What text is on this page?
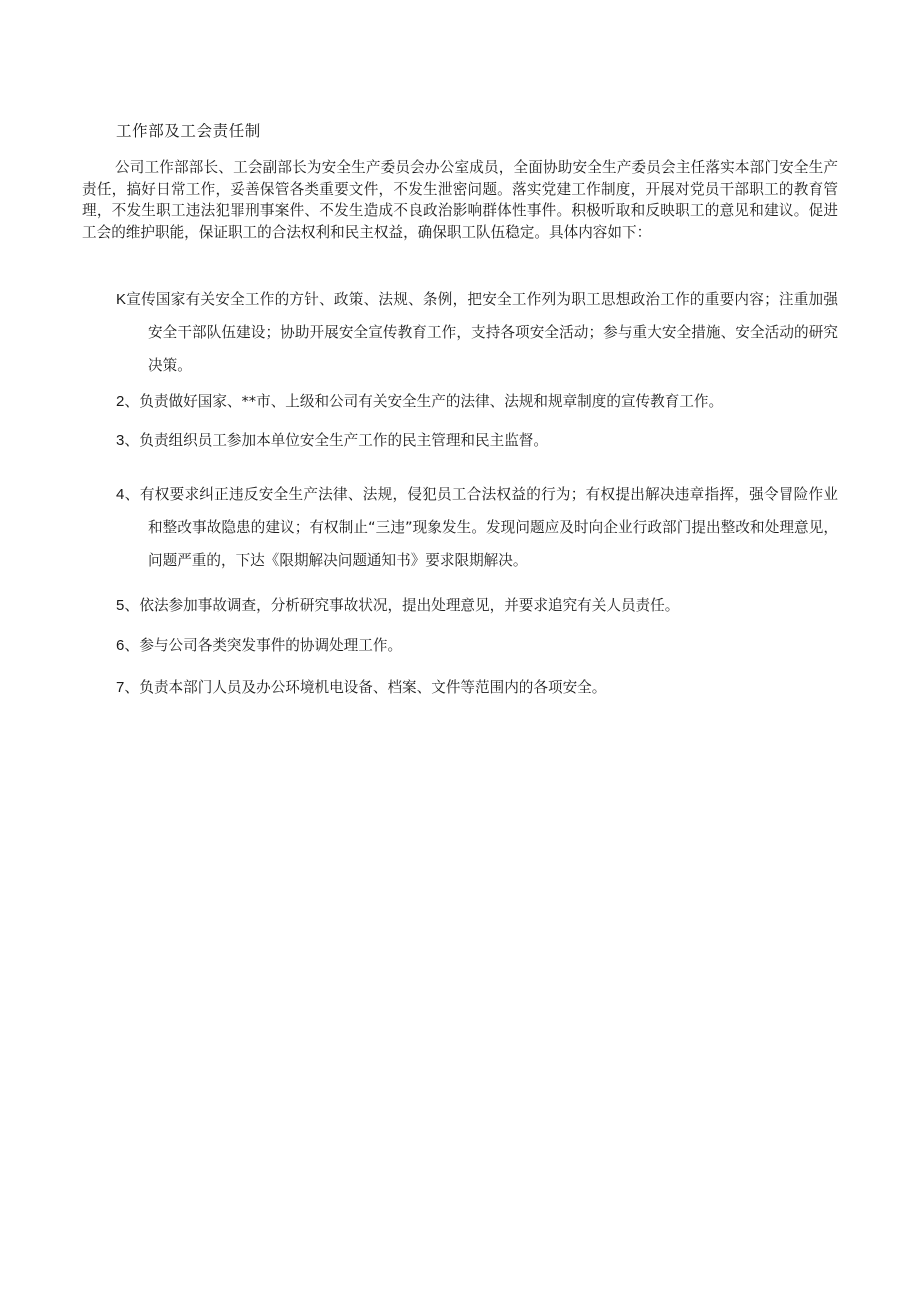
工作部及工会责任制

公司工作部部长、工会副部长为安全生产委员会办公室成员，全面协助安全生产委员会主任落实本部门安全生产责任，搞好日常工作，妥善保管各类重要文件，不发生泄密问题。落实党建工作制度，开展对党员干部职工的教育管理，不发生职工违法犯罪刑事案件、不发生造成不良政治影响群体性事件。积极听取和反映职工的意见和建议。促进工会的维护职能，保证职工的合法权利和民主权益，确保职工队伍稳定。具体内容如下：

K宣传国家有关安全工作的方针、政策、法规、条例，把安全工作列为职工思想政治工作的重要内容；注重加强安全干部队伍建设；协助开展安全宣传教育工作，支持各项安全活动；参与重大安全措施、安全活动的研究决策。

2、负责做好国家、**市、上级和公司有关安全生产的法律、法规和规章制度的宣传教育工作。

3、负责组织员工参加本单位安全生产工作的民主管理和民主监督。

4、有权要求纠正违反安全生产法律、法规，侵犯员工合法权益的行为；有权提出解决违章指挥，强令冒险作业和整改事故隐患的建议；有权制止“三违”现象发生。发现问题应及时向企业行政部门提出整改和处理意见，问题严重的，下达《限期解决问题通知书》要求限期解决。

5、依法参加事故调查，分析研究事故状况，提出处理意见，并要求追究有关人员责任。

6、参与公司各类突发事件的协调处理工作。

7、负责本部门人员及办公环境机电设备、档案、文件等范围内的各项安全。
